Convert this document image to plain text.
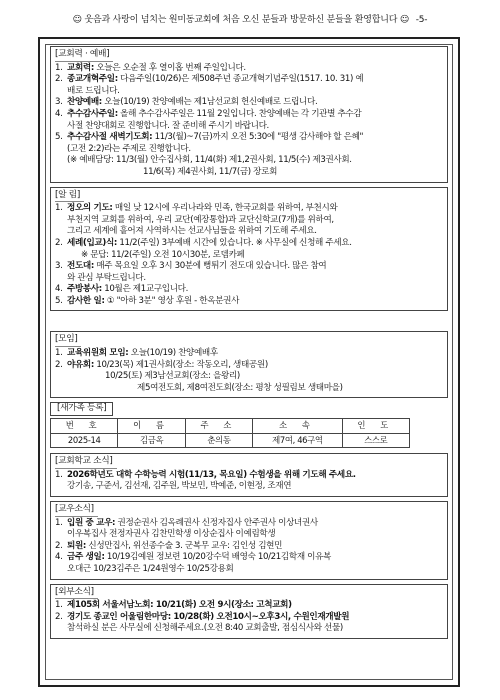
☺ 웃음과 사랑이 넘치는 원미동교회에 처음 오신 분들과 방문하신 분들을 환영합니다 ☺ -5-
[교회력 · 예배]
1. 교회력: 오늘은 오순절 후 열이홉 번째 주일입니다.
2. 종교개혁주일: 다음주일(10/26)은 제508주년 종교개혁기념주일(1517. 10. 31) 예
배로 드립니다.
3. 찬양예배: 오늘(10/19) 찬양예배는 제1남선교회 헌신예배로 드립니다.
4. 추수감사주일: 올해 추수감사주일은 11월 2일입니다. 찬양예배는 각 기관별 추수감
사절 찬양대회로 진행합니다. 잘 준비해 주시기 바랍니다.
5. 추수감사절 새벽기도회: 11/3(월)~7(금)까지 오전 5:30에 "평생 감사해야 할 은혜"
(고전 2:2)라는 주제로 진행합니다.
(※ 예배담당: 11/3(월) 안수집사회, 11/4(화) 제1,2권사회, 11/5(수) 제3권사회.
11/6(목) 제4권사회, 11/7(금) 장로회
[알 림]
1. 정오의 기도: 매일 낮 12시에 우리나라와 민족, 한국교회를 위하여, 부천시와
부천지역 교회를 위하여, 우리 교단(예장통합)과 교단신학교(7개)를 위하여,
그리고 세계에 흩어져 사역하시는 선교사님들을 위하여 기도해 주세요.
2. 세례(입교)식: 11/2(주일) 3부예배 시간에 있습니다. ※ 사무실에 신청해 주세요.
※ 문답: 11/2(주일) 오전 10시30분, 로뎀카페
3. 전도대: 매주 목요일 오후 3시 30분에 뻥튀기 전도대 있습니다. 많은 참여
와 관심 부탁드립니다.
4. 주방봉사: 10월은 제1교구입니다.
5. 감사한 일: ① "아하 3분" 영상 후원 - 한옥분권사
[모임]
1. 교육위원회 모임: 오늘(10/19) 찬양예배후
2. 야유회: 10/23(목) 제1권사회(장소: 작동오리, 생태공원)
10/25(토) 제3남선교회(장소: 을왕리)
제5여전도회, 제8여전도회(장소: 평창 성필림보 생태마을)
[새가족 등록]
번 호	이 름	주 소	소 속	인 도
2025-14	김금옥	춘의동	제7여, 46구역	스스로
[교회학교 소식]
1. 2026학년도 대학 수학능력 시험(11/13, 목요일) 수험생을 위해 기도해 주세요.
강기송, 구준서, 김선재, 김주원, 박보민, 박예준, 이현정, 조재연
[교우소식]
1. 입원 중 교우: 권정순권사 김옥례권사 신정자집사 안주권사 이상녀권사
이우복집사 전정자권사 김찬민학생 이상순집사 이예림학생
2. 퇴원: 신성만집사, 위선종수술 3. 군복무 교우: 김인성 김현민
4. 금주 생일: 10/19김예원 정보련 10/20강수덕 배영숙 10/21김학재 이유복
오대근 10/23김주은 1/24원영수 10/25강용회
[외부소식]
1. 제105회 서울서남노회: 10/21(화) 오전 9시(장소: 고척교회)
2. 경기도 종교인 어울림한마당: 10/28(화) 오전10시~오후3시, 수원인재개발원
참석하실 분은 사무실에 신청해주세요.(오전 8:40 교회출발, 점심식사와 선물)
